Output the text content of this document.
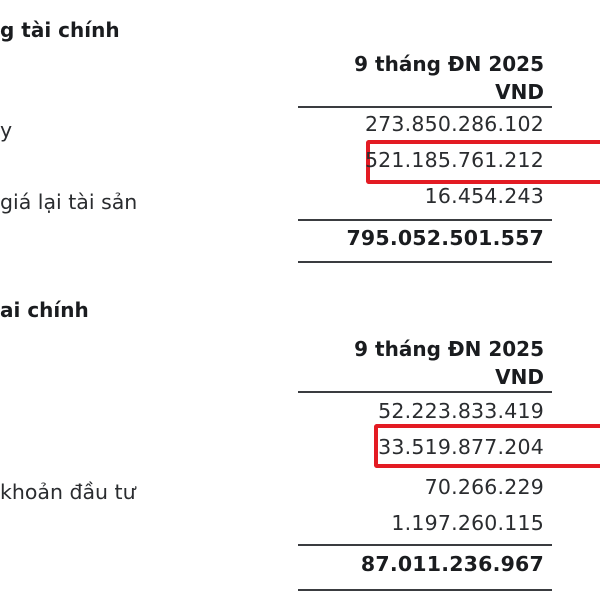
g tài chính
9 tháng ĐN 2025
VND
y	273.850.286.102
521.185.761.212
giá lại tài sản	16.454.243
795.052.501.557
ai chính
9 tháng ĐN 2025
VND
52.223.833.419
33.519.877.204
khoản đầu tư	70.266.229
1.197.260.115
87.011.236.967
